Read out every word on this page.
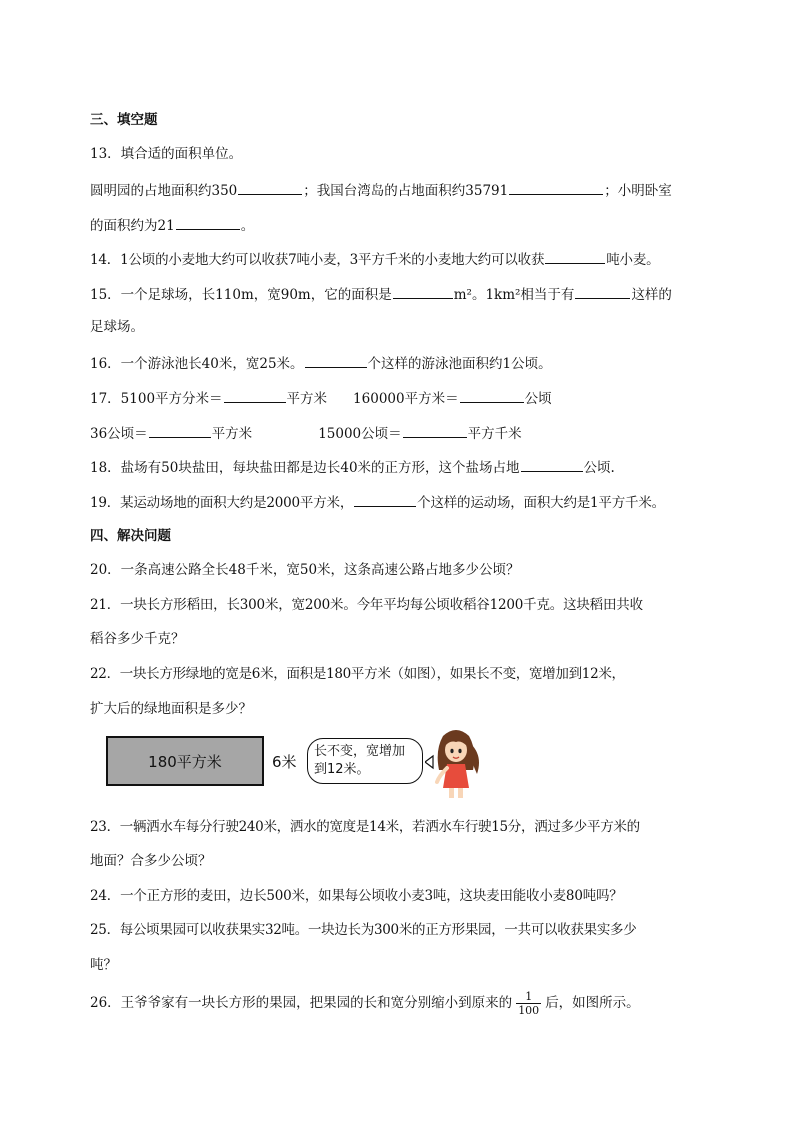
三、填空题
13．填合适的面积单位。
圆明园的占地面积约350	；我国台湾岛的占地面积约35791	；小明卧室
的面积约为21	。
14．1公顷的小麦地大约可以收获7吨小麦，3平方千米的小麦地大约可以收获	吨小麦。
15．一个足球场，长110m，宽90m，它的面积是	m²。1km²相当于有	这样的
足球场。
16．一个游泳池长40米，宽25米。	个这样的游泳池面积约1公顷。
17．5100平方分米＝	平方米 160000平方米＝	公顷
36公顷＝	平方米	15000公顷＝	平方千米
18．盐场有50块盐田，每块盐田都是边长40米的正方形，这个盐场占地	公顷.
19．某运动场地的面积大约是2000平方米，	个这样的运动场，面积大约是1平方千米。
四、解决问题
20．一条高速公路全长48千米，宽50米，这条高速公路占地多少公顷？
21．一块长方形稻田，长300米，宽200米。今年平均每公顷收稻谷1200千克。这块稻田共收
稻谷多少千克？
22．一块长方形绿地的宽是6米，面积是180平方米（如图），如果长不变，宽增加到12米，
扩大后的绿地面积是多少？
180平方米	6米
长不变，宽增加
到12米。
23．一辆洒水车每分行驶240米，洒水的宽度是14米，若洒水车行驶15分，洒过多少平方米的
地面？合多少公顷？
24．一个正方形的麦田，边长500米，如果每公顷收小麦3吨，这块麦田能收小麦80吨吗？
25．每公顷果园可以收获果实32吨。一块边长为300米的正方形果园，一共可以收获果实多少
吨？
26．王爷爷家有一块长方形的果园，把果园的长和宽分别缩小到原来的 $\frac{1}{100}$ 后，如图所示。
